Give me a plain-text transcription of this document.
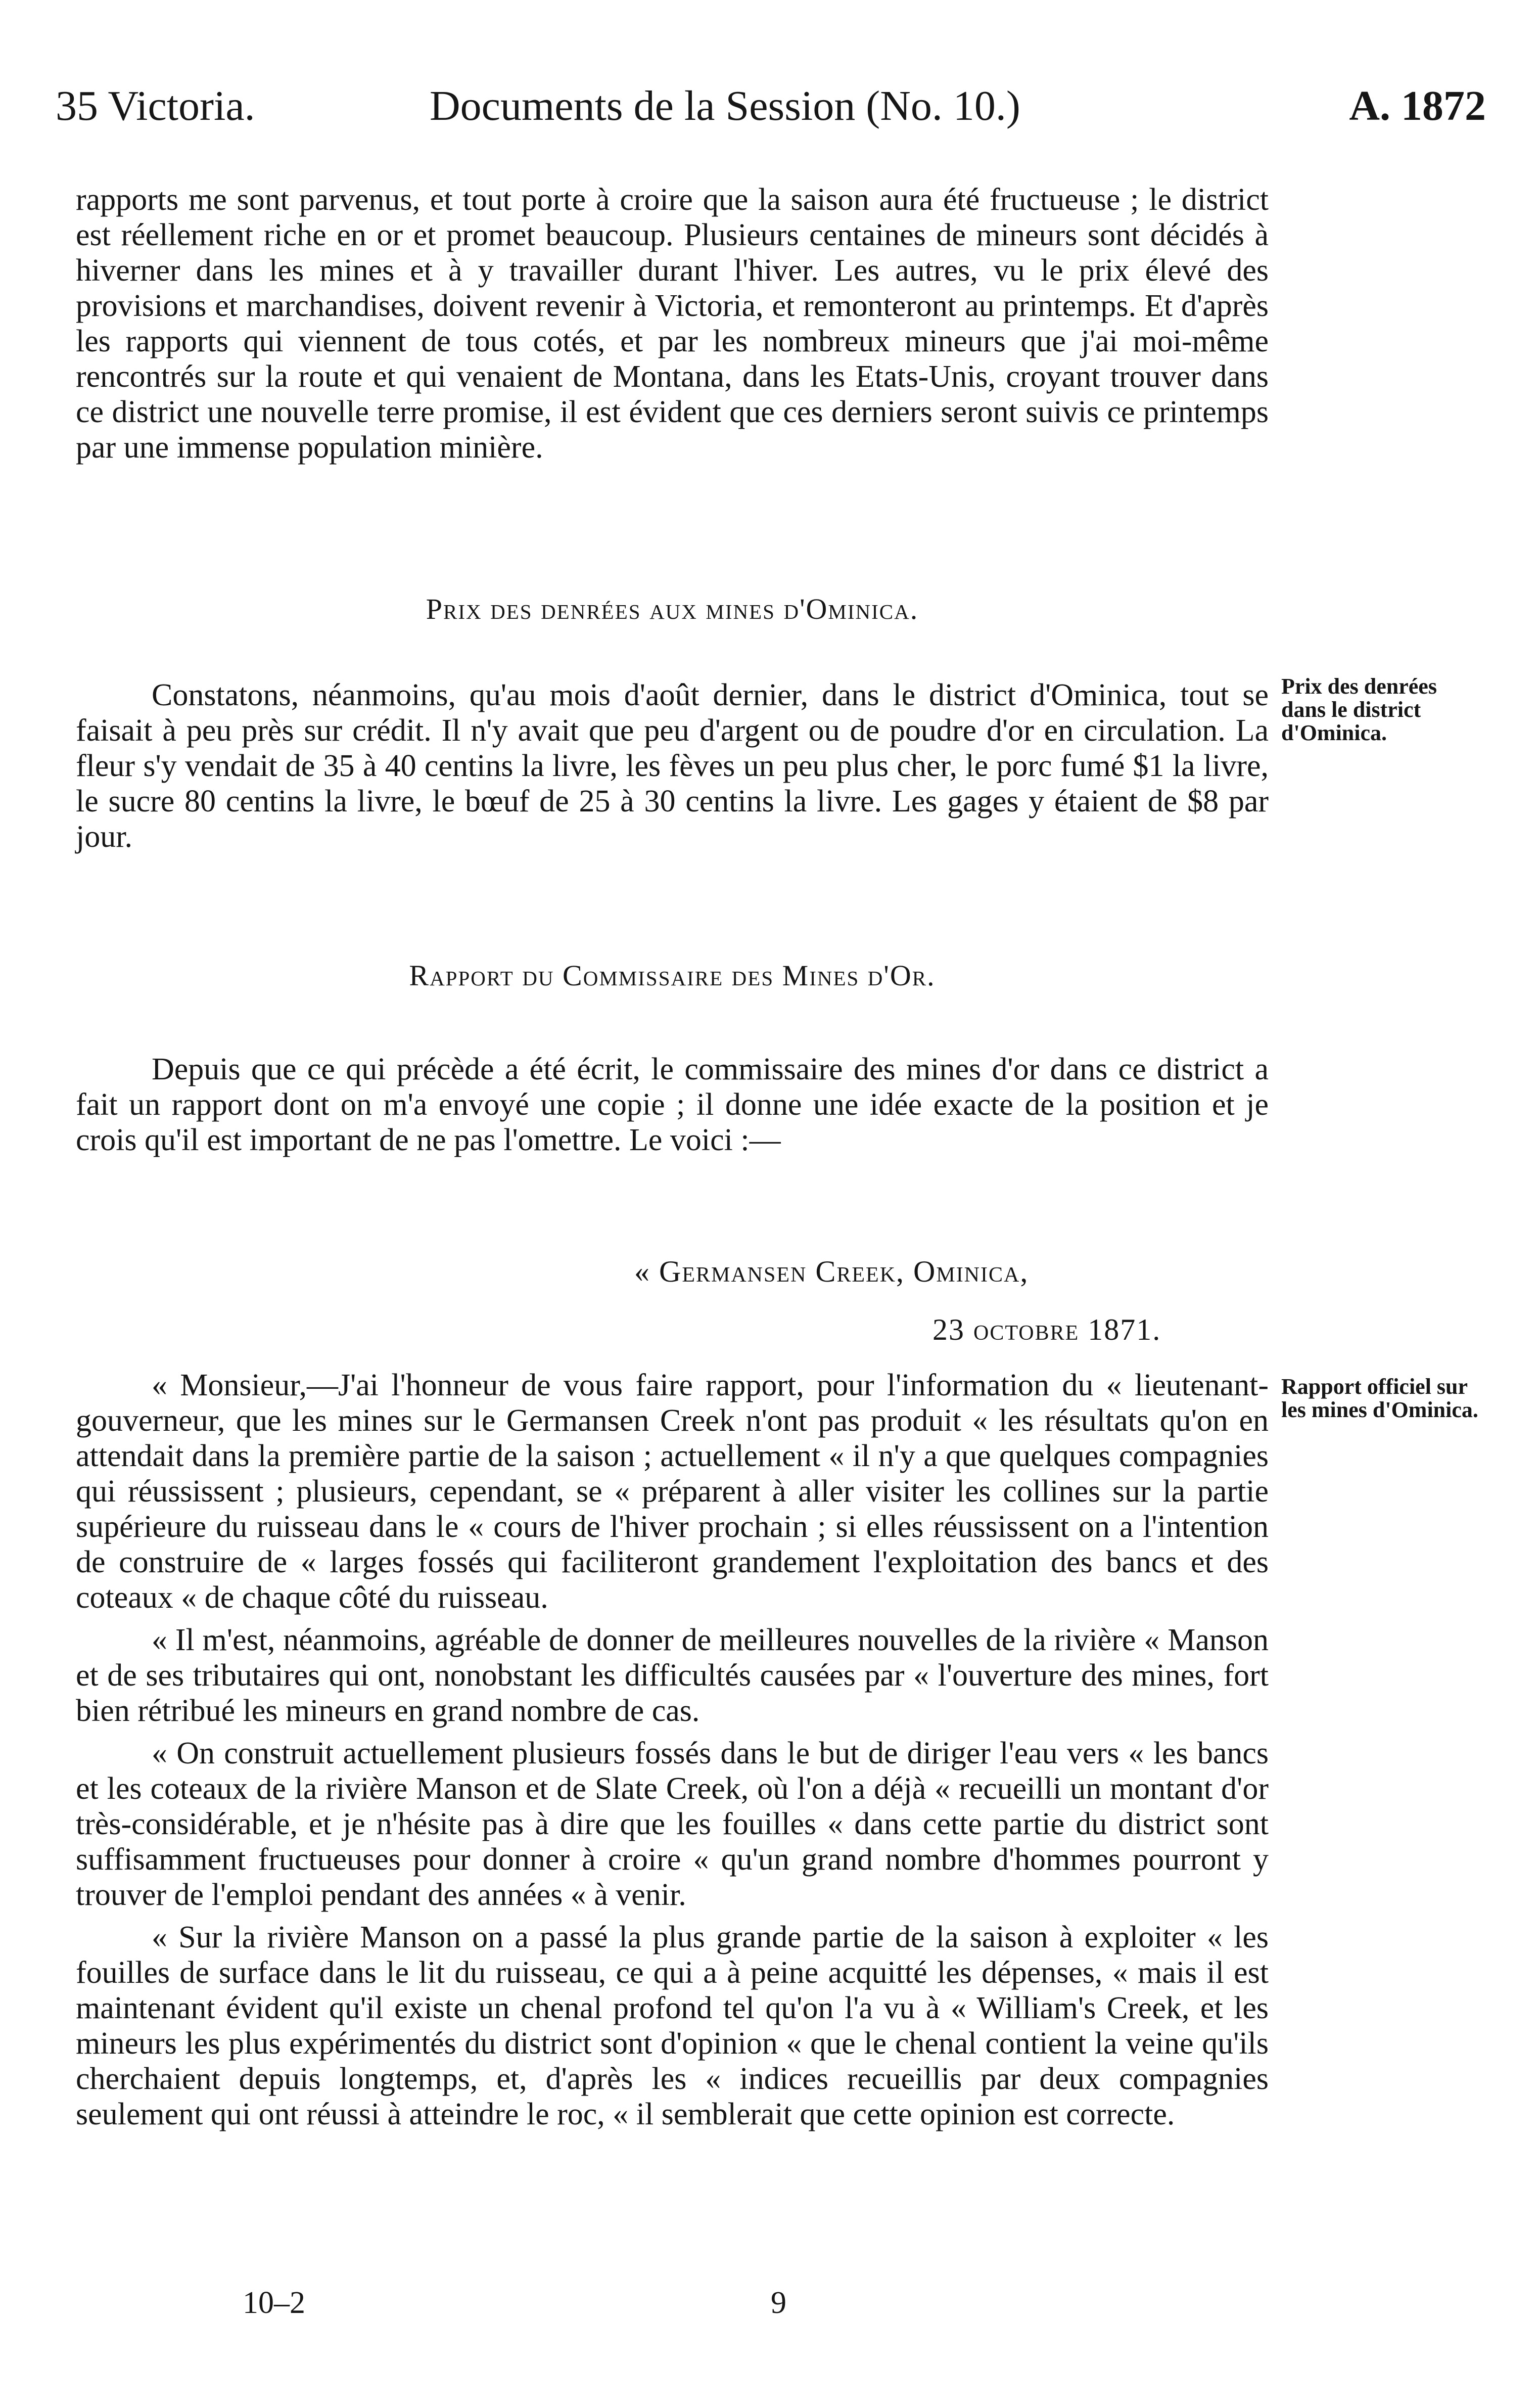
35 Victoria.	Documents de la Session (No. 10.)	A. 1872

rapports me sont parvenus, et tout porte à croire que la saison aura été fructueuse ; le district est réellement riche en or et promet beaucoup. Plusieurs centaines de mineurs sont décidés à hiverner dans les mines et à y travailler durant l'hiver. Les autres, vu le prix élevé des provisions et marchandises, doivent revenir à Victoria, et remonteront au printemps. Et d'après les rapports qui viennent de tous cotés, et par les nombreux mineurs que j'ai moi-même rencontrés sur la route et qui venaient de Montana, dans les Etats-Unis, croyant trouver dans ce district une nouvelle terre promise, il est évident que ces derniers seront suivis ce printemps par une immense population minière.

Prix des denrées aux mines d'Ominica.

Constatons, néanmoins, qu'au mois d'août dernier, dans le district d'Ominica, tout se faisait à peu près sur crédit. Il n'y avait que peu d'argent ou de poudre d'or en circulation. La fleur s'y vendait de 35 à 40 centins la livre, les fèves un peu plus cher, le porc fumé $1 la livre, le sucre 80 centins la livre, le bœuf de 25 à 30 centins la livre. Les gages y étaient de $8 par jour.

Prix des denrées dans le district d'Ominica.
Rapport du Commissaire des Mines d'Or.

Depuis que ce qui précède a été écrit, le commissaire des mines d'or dans ce district a fait un rapport dont on m'a envoyé une copie ; il donne une idée exacte de la position et je crois qu'il est important de ne pas l'omettre. Le voici :—

« Germansen Creek, Ominica,
23 octobre 1871.

« Monsieur,—J'ai l'honneur de vous faire rapport, pour l'information du « lieutenant-gouverneur, que les mines sur le Germansen Creek n'ont pas produit « les résultats qu'on en attendait dans la première partie de la saison ; actuellement « il n'y a que quelques compagnies qui réussissent ; plusieurs, cependant, se « préparent à aller visiter les collines sur la partie supérieure du ruisseau dans le « cours de l'hiver prochain ; si elles réussissent on a l'intention de construire de « larges fossés qui faciliteront grandement l'exploitation des bancs et des coteaux « de chaque côté du ruisseau.

« Il m'est, néanmoins, agréable de donner de meilleures nouvelles de la rivière « Manson et de ses tributaires qui ont, nonobstant les difficultés causées par « l'ouverture des mines, fort bien rétribué les mineurs en grand nombre de cas.

« On construit actuellement plusieurs fossés dans le but de diriger l'eau vers « les bancs et les coteaux de la rivière Manson et de Slate Creek, où l'on a déjà « recueilli un montant d'or très-considérable, et je n'hésite pas à dire que les fouilles « dans cette partie du district sont suffisamment fructueuses pour donner à croire « qu'un grand nombre d'hommes pourront y trouver de l'emploi pendant des années « à venir.

« Sur la rivière Manson on a passé la plus grande partie de la saison à exploiter « les fouilles de surface dans le lit du ruisseau, ce qui a à peine acquitté les dépenses, « mais il est maintenant évident qu'il existe un chenal profond tel qu'on l'a vu à « William's Creek, et les mineurs les plus expérimentés du district sont d'opinion « que le chenal contient la veine qu'ils cherchaient depuis longtemps, et, d'après les « indices recueillis par deux compagnies seulement qui ont réussi à atteindre le roc, « il semblerait que cette opinion est correcte.

Rapport officiel sur les mines d'Ominica.
10–2	9
